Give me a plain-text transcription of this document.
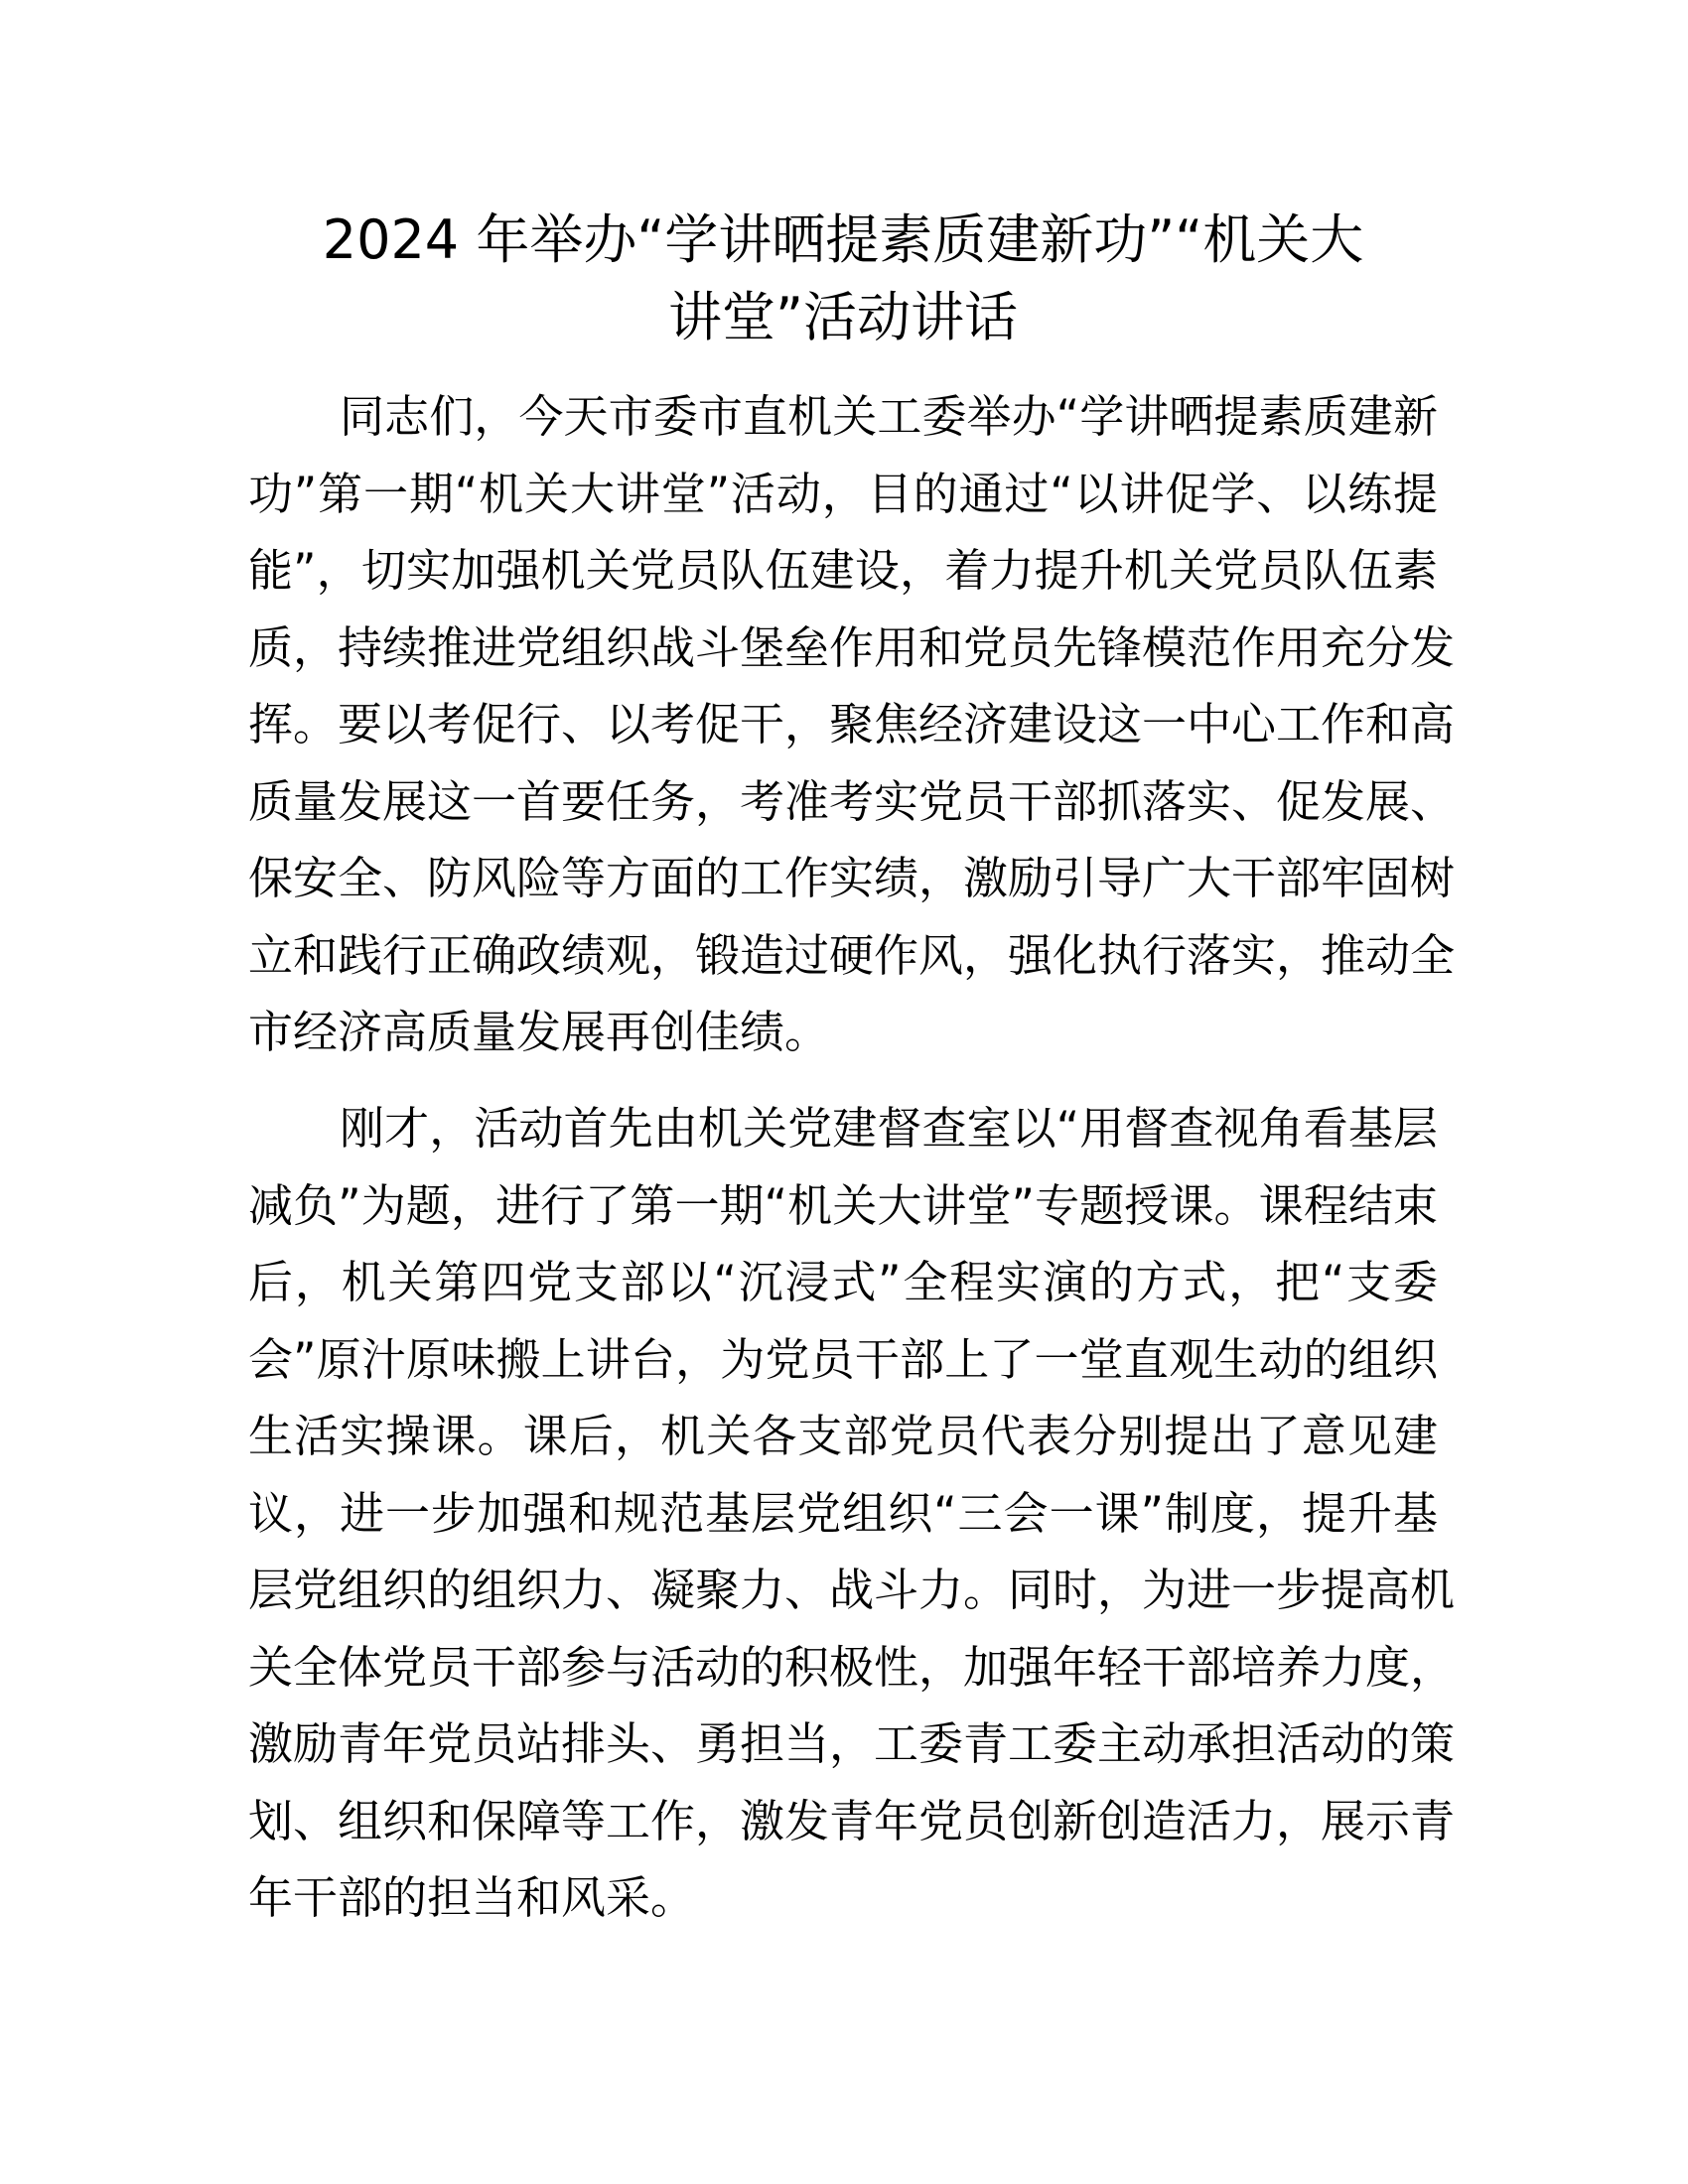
2024 年举办“学讲晒提素质建新功”“机关大
讲堂”活动讲话
同志们，今天市委市直机关工委举办“学讲晒提素质建新
功”第一期“机关大讲堂”活动，目的通过“以讲促学、以练提
能”，切实加强机关党员队伍建设，着力提升机关党员队伍素
质，持续推进党组织战斗堡垒作用和党员先锋模范作用充分发
挥。要以考促行、以考促干，聚焦经济建设这一中心工作和高
质量发展这一首要任务，考准考实党员干部抓落实、促发展、
保安全、防风险等方面的工作实绩，激励引导广大干部牢固树
立和践行正确政绩观，锻造过硬作风，强化执行落实，推动全
市经济高质量发展再创佳绩。
刚才，活动首先由机关党建督查室以“用督查视角看基层
减负”为题，进行了第一期“机关大讲堂”专题授课。课程结束
后，机关第四党支部以“沉浸式”全程实演的方式，把“支委
会”原汁原味搬上讲台，为党员干部上了一堂直观生动的组织
生活实操课。课后，机关各支部党员代表分别提出了意见建
议，进一步加强和规范基层党组织“三会一课”制度，提升基
层党组织的组织力、凝聚力、战斗力。同时，为进一步提高机
关全体党员干部参与活动的积极性，加强年轻干部培养力度，
激励青年党员站排头、勇担当，工委青工委主动承担活动的策
划、组织和保障等工作，激发青年党员创新创造活力，展示青
年干部的担当和风采。
